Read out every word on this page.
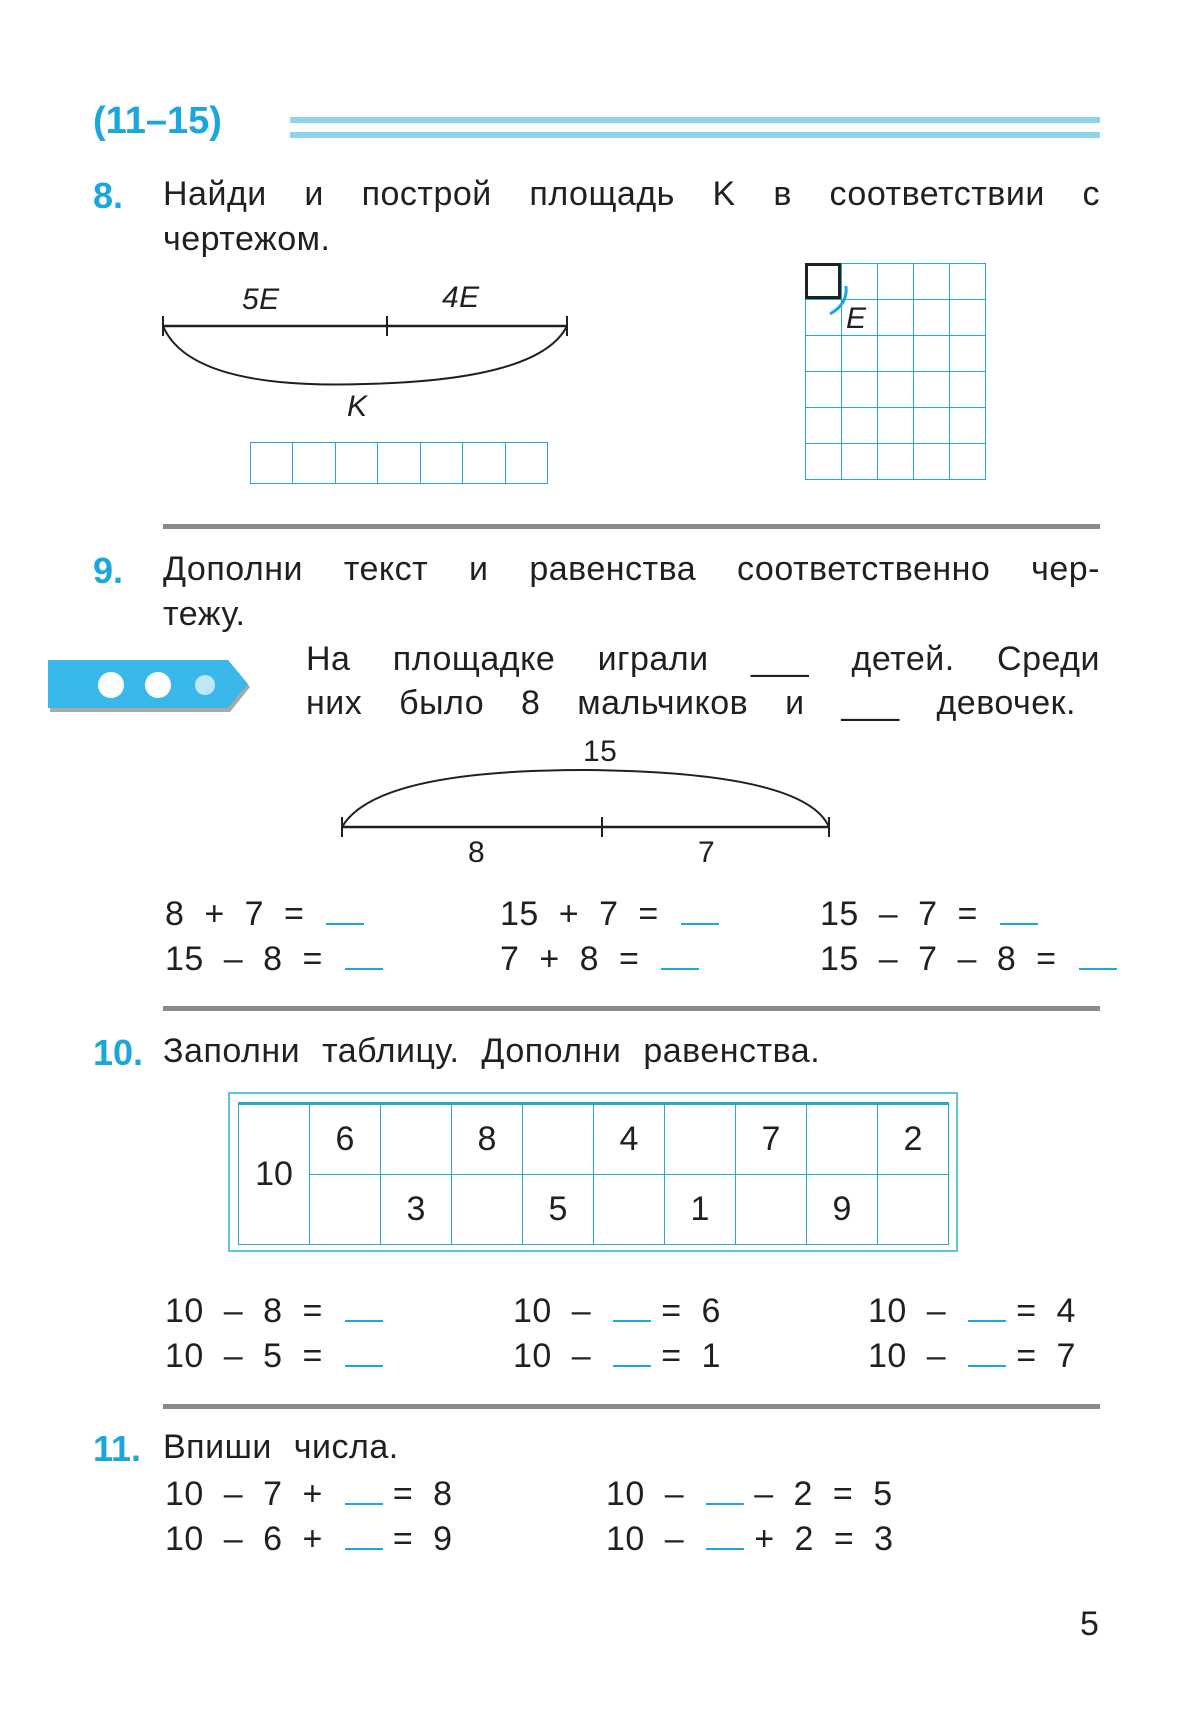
(11–15)
8. Найди и построй площадь K в соответствии с
чертежом.
5E	4E
K
E
9. Дополни текст и равенства соответственно чер-
тежу.
На площадке играли ___ детей. Среди
них было 8 мальчиков и ___ девочек.
15
8	7
8 + 7 =	15 + 7 =	15 – 7 =
15 – 8 =	7 + 8 =	15 – 7 – 8 =
10. Заполни таблицу. Дополни равенства.
10	6		8		4		7		2
		3		5		1		9	
10 – 8 =	10 – = 6	10 – = 4
10 – 5 =	10 – = 1	10 – = 7
11. Впиши числа.
10 – 7 + = 8	10 – – 2 = 5
10 – 6 + = 9	10 – + 2 = 3
5
